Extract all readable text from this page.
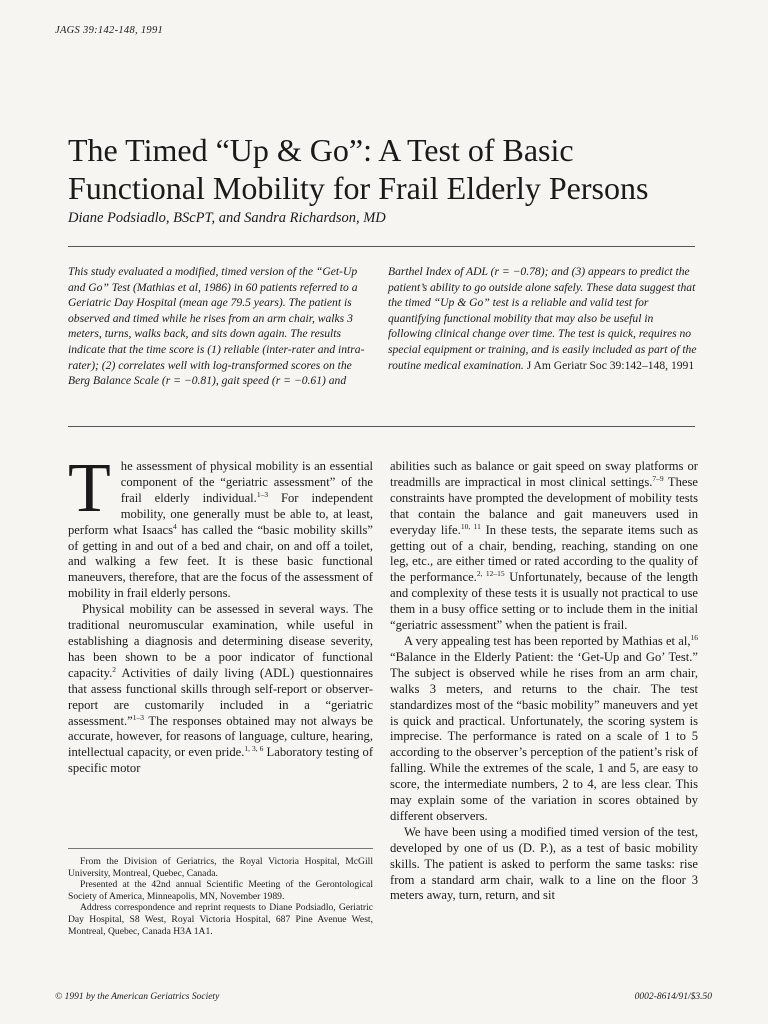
JAGS 39:142-148, 1991
The Timed “Up & Go”: A Test of Basic
Functional Mobility for Frail Elderly Persons
Diane Podsiadlo, BScPT, and Sandra Richardson, MD

This study evaluated a modified, timed version of the “Get-Up and Go” Test (Mathias et al, 1986) in 60 patients referred to a Geriatric Day Hospital (mean age 79.5 years). The patient is observed and timed while he rises from an arm chair, walks 3 meters, turns, walks back, and sits down again. The results indicate that the time score is (1) reliable (inter-rater and intra-rater); (2) correlates well with log-transformed scores on the Berg Balance Scale (r = −0.81), gait speed (r = −0.61) and

Barthel Index of ADL (r = −0.78); and (3) appears to predict the patient’s ability to go outside alone safely. These data suggest that the timed “Up & Go” test is a reliable and valid test for quantifying functional mobility that may also be useful in following clinical change over time. The test is quick, requires no special equipment or training, and is easily included as part of the routine medical examination. J Am Geriatr Soc 39:142–148, 1991

The assessment of physical mobility is an essential component of the “geriatric assessment” of the frail elderly individual.$^{1-3}$ For independent mobility, one generally must be able to, at least, perform what Isaacs$^4$ has called the “basic mobility skills” of getting in and out of a bed and chair, on and off a toilet, and walking a few feet. It is these basic functional maneuvers, therefore, that are the focus of the assessment of mobility in frail elderly persons.

Physical mobility can be assessed in several ways. The traditional neuromuscular examination, while useful in establishing a diagnosis and determining disease severity, has been shown to be a poor indicator of functional capacity.$^2$ Activities of daily living (ADL) questionnaires that assess functional skills through self-report or observer-report are customarily included in a “geriatric assessment.”$^{1-3}$ The responses obtained may not always be accurate, however, for reasons of language, culture, hearing, intellectual capacity, or even pride.$^{1, 3, 6}$ Laboratory testing of specific motor

abilities such as balance or gait speed on sway platforms or treadmills are impractical in most clinical settings.$^{7-9}$ These constraints have prompted the development of mobility tests that contain the balance and gait maneuvers used in everyday life.$^{10, 11}$ In these tests, the separate items such as getting out of a chair, bending, reaching, standing on one leg, etc., are either timed or rated according to the quality of the performance.$^{2, 12-15}$ Unfortunately, because of the length and complexity of these tests it is usually not practical to use them in a busy office setting or to include them in the initial “geriatric assessment” when the patient is frail.

A very appealing test has been reported by Mathias et al,$^{16}$ “Balance in the Elderly Patient: the ‘Get-Up and Go’ Test.” The subject is observed while he rises from an arm chair, walks 3 meters, and returns to the chair. The test standardizes most of the “basic mobility” maneuvers and yet is quick and practical. Unfortunately, the scoring system is imprecise. The performance is rated on a scale of 1 to 5 according to the observer’s perception of the patient’s risk of falling. While the extremes of the scale, 1 and 5, are easy to score, the intermediate numbers, 2 to 4, are less clear. This may explain some of the variation in scores obtained by different observers.

We have been using a modified timed version of the test, developed by one of us (D. P.), as a test of basic mobility skills. The patient is asked to perform the same tasks: rise from a standard arm chair, walk to a line on the floor 3 meters away, turn, return, and sit

From the Division of Geriatrics, the Royal Victoria Hospital, McGill University, Montreal, Quebec, Canada.

Presented at the 42nd annual Scientific Meeting of the Gerontological Society of America, Minneapolis, MN, November 1989.

Address correspondence and reprint requests to Diane Podsiadlo, Geriatric Day Hospital, S8 West, Royal Victoria Hospital, 687 Pine Avenue West, Montreal, Quebec, Canada H3A 1A1.

© 1991 by the American Geriatrics Society	0002-8614/91/$3.50
